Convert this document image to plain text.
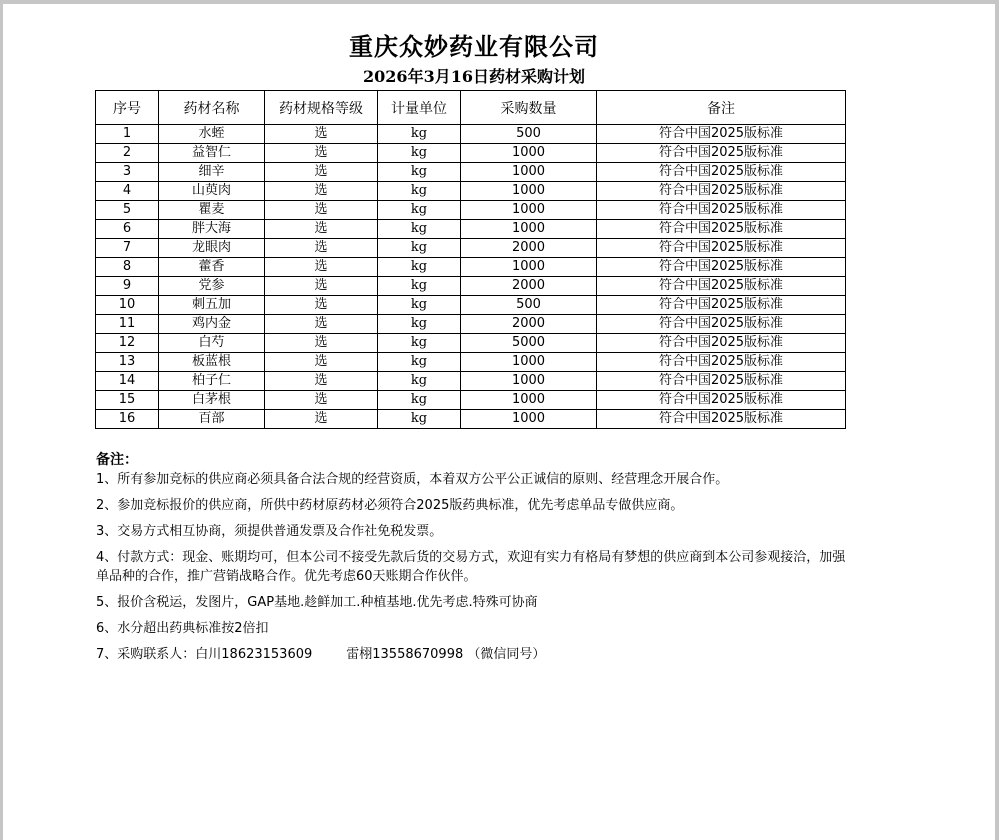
重庆众妙药业有限公司
2026年3月16日药材采购计划
序号	药材名称	药材规格等级	计量单位	采购数量	备注
1	水蛭	选	kg	500	符合中国2025版标准
2	益智仁	选	kg	1000	符合中国2025版标准
3	细辛	选	kg	1000	符合中国2025版标准
4	山萸肉	选	kg	1000	符合中国2025版标准
5	瞿麦	选	kg	1000	符合中国2025版标准
6	胖大海	选	kg	1000	符合中国2025版标准
7	龙眼肉	选	kg	2000	符合中国2025版标准
8	藿香	选	kg	1000	符合中国2025版标准
9	党参	选	kg	2000	符合中国2025版标准
10	刺五加	选	kg	500	符合中国2025版标准
11	鸡内金	选	kg	2000	符合中国2025版标准
12	白芍	选	kg	5000	符合中国2025版标准
13	板蓝根	选	kg	1000	符合中国2025版标准
14	柏子仁	选	kg	1000	符合中国2025版标准
15	白茅根	选	kg	1000	符合中国2025版标准
16	百部	选	kg	1000	符合中国2025版标准
备注：
1、所有参加竞标的供应商必须具备合法合规的经营资质，本着双方公平公正诚信的原则、经营理念开展合作。
2、参加竞标报价的供应商，所供中药材原药材必须符合2025版药典标准，优先考虑单品专做供应商。
3、交易方式相互协商，须提供普通发票及合作社免税发票。
4、付款方式：现金、账期均可，但本公司不接受先款后货的交易方式，欢迎有实力有格局有梦想的供应商到本公司参观接洽，加强单品种的合作，推广营销战略合作。优先考虑60天账期合作伙伴。
5、报价含税运，发图片，GAP基地.趁鲜加工.种植基地.优先考虑.特殊可协商
6、水分超出药典标准按2倍扣
7、采购联系人：白川18623153609	雷栩13558670998 （微信同号）
